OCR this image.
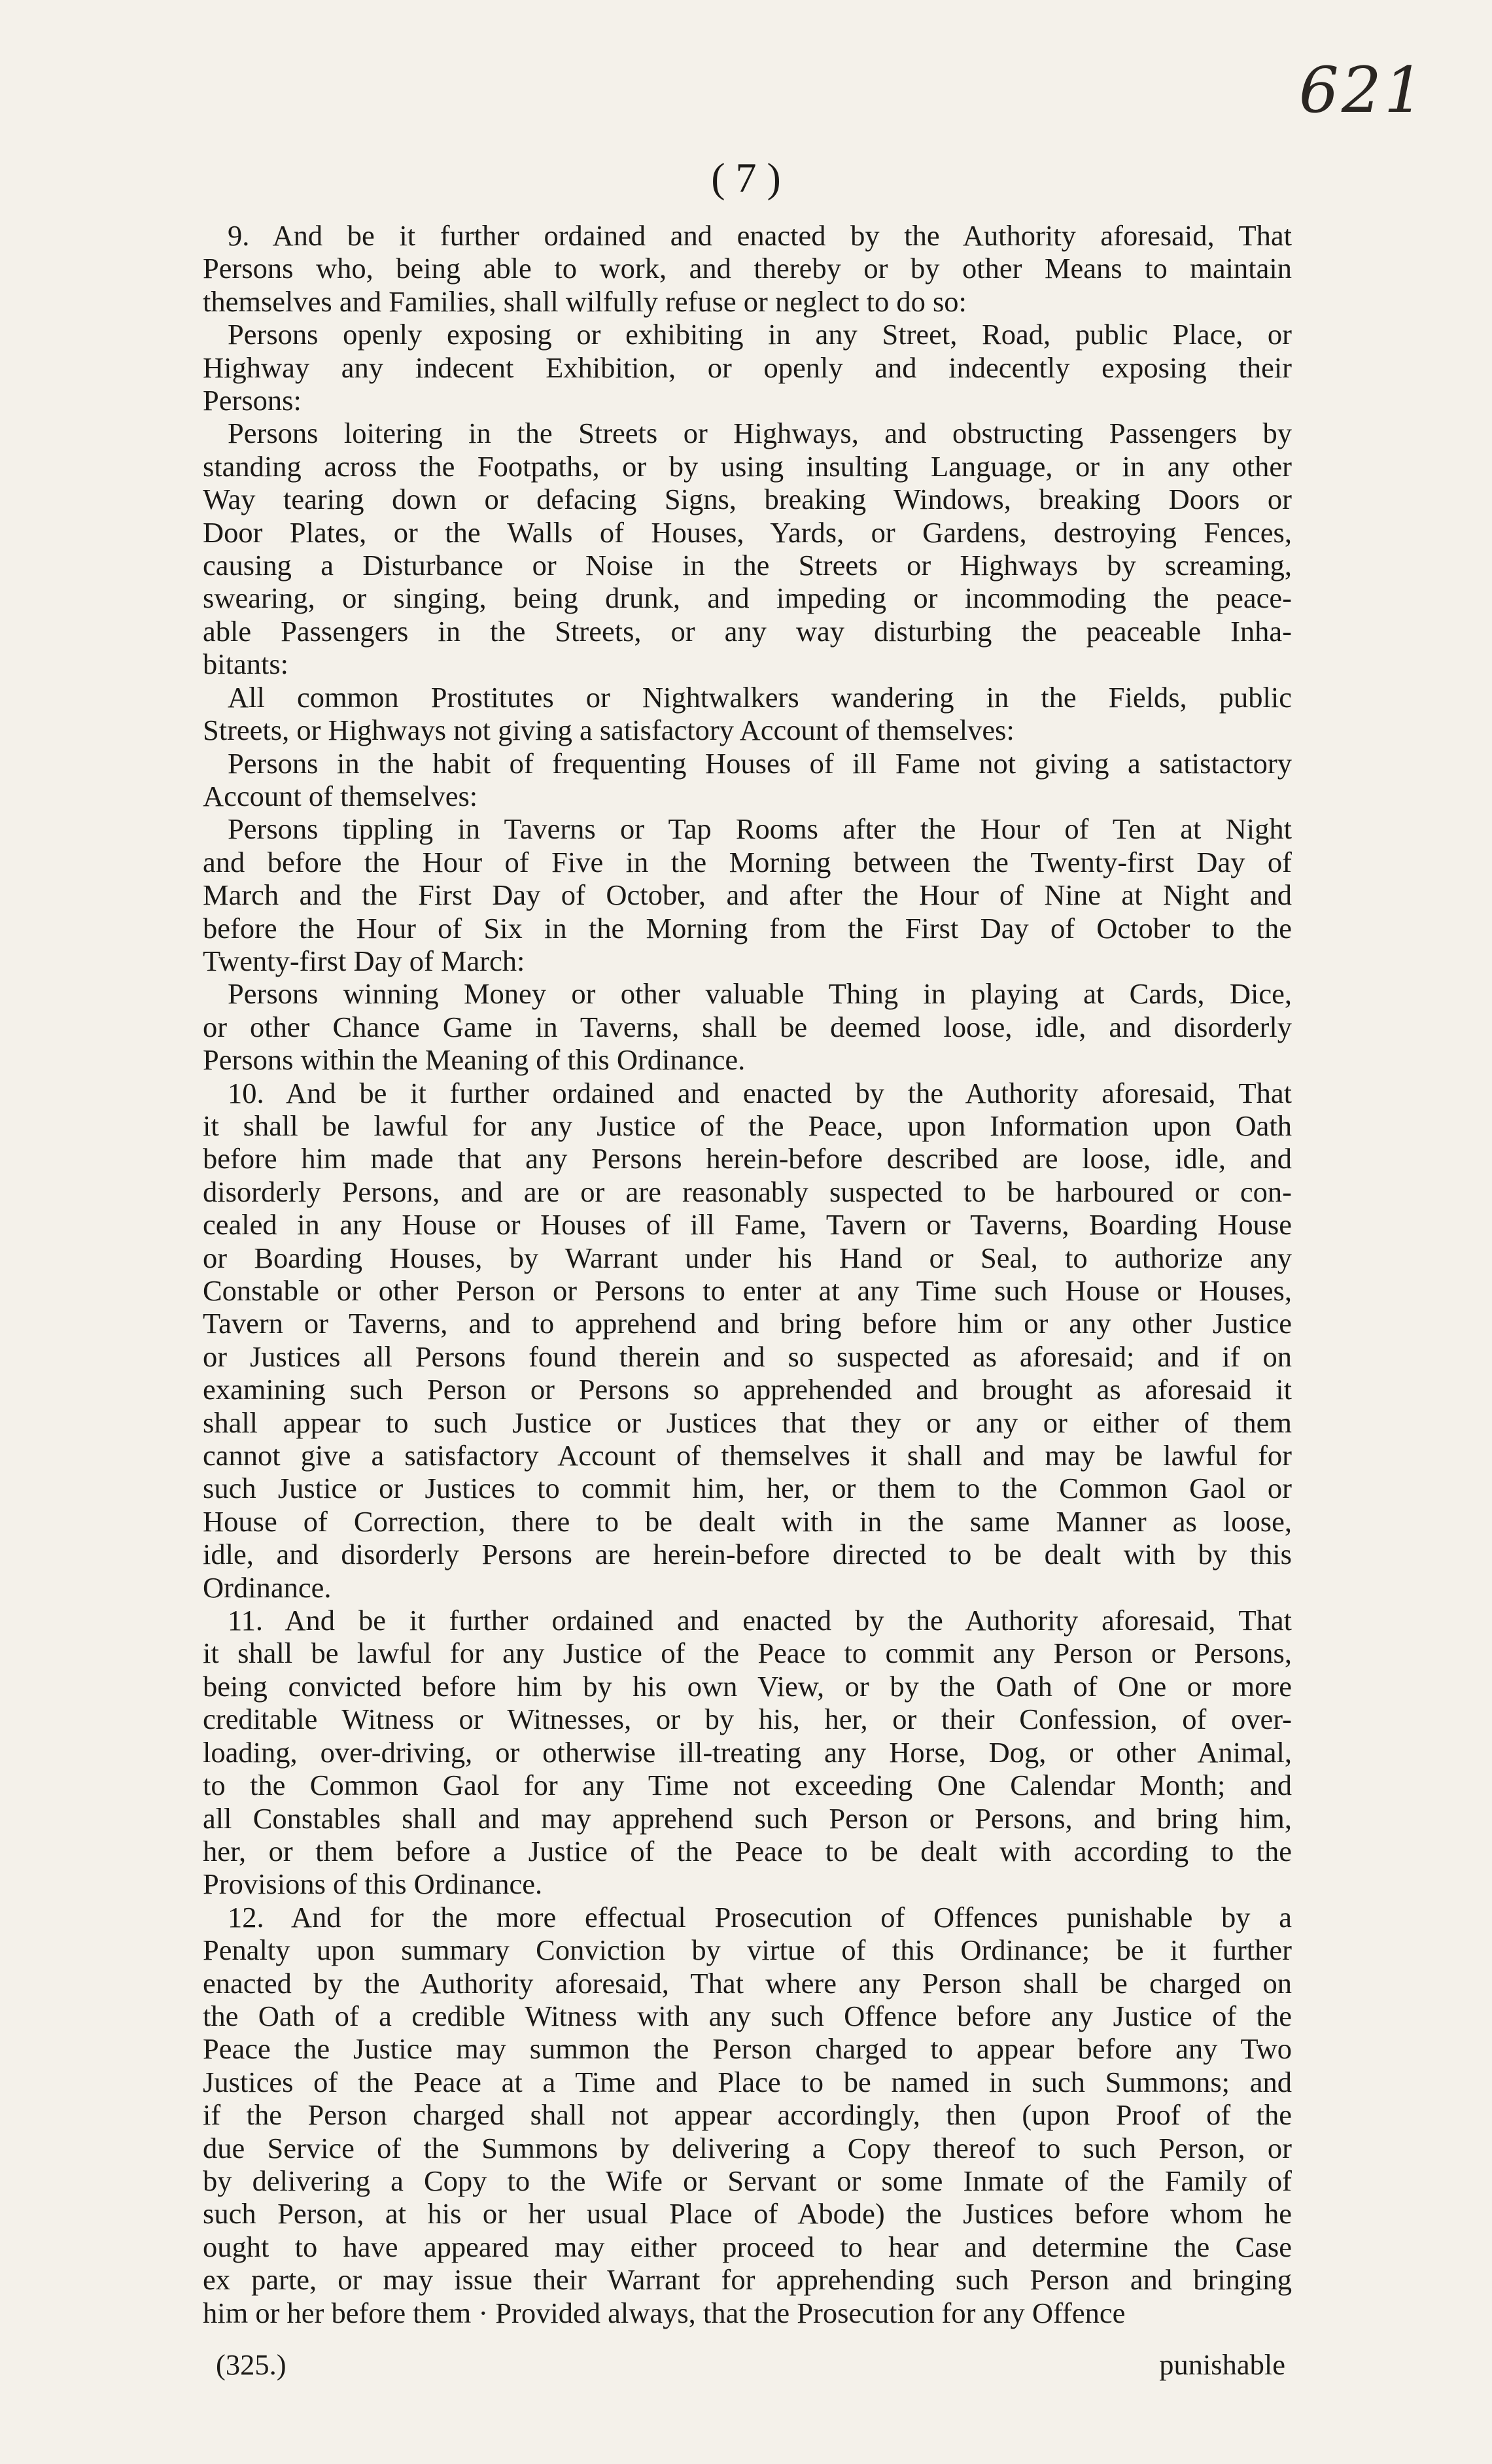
621
( 7 )
9. And be it further ordained and enacted by the Authority aforesaid, That
Persons who, being able to work, and thereby or by other Means to maintain
themselves and Families, shall wilfully refuse or neglect to do so:
Persons openly exposing or exhibiting in any Street, Road, public Place, or
Highway any indecent Exhibition, or openly and indecently exposing their
Persons:
Persons loitering in the Streets or Highways, and obstructing Passengers by
standing across the Footpaths, or by using insulting Language, or in any other
Way tearing down or defacing Signs, breaking Windows, breaking Doors or
Door Plates, or the Walls of Houses, Yards, or Gardens, destroying Fences,
causing a Disturbance or Noise in the Streets or Highways by screaming,
swearing, or singing, being drunk, and impeding or incommoding the peace-
able Passengers in the Streets, or any way disturbing the peaceable Inha-
bitants:
All common Prostitutes or Nightwalkers wandering in the Fields, public
Streets, or Highways not giving a satisfactory Account of themselves:
Persons in the habit of frequenting Houses of ill Fame not giving a satistactory
Account of themselves:
Persons tippling in Taverns or Tap Rooms after the Hour of Ten at Night
and before the Hour of Five in the Morning between the Twenty-first Day of
March and the First Day of October, and after the Hour of Nine at Night and
before the Hour of Six in the Morning from the First Day of October to the
Twenty-first Day of March:
Persons winning Money or other valuable Thing in playing at Cards, Dice,
or other Chance Game in Taverns, shall be deemed loose, idle, and disorderly
Persons within the Meaning of this Ordinance.
10. And be it further ordained and enacted by the Authority aforesaid, That
it shall be lawful for any Justice of the Peace, upon Information upon Oath
before him made that any Persons herein-before described are loose, idle, and
disorderly Persons, and are or are reasonably suspected to be harboured or con-
cealed in any House or Houses of ill Fame, Tavern or Taverns, Boarding House
or Boarding Houses, by Warrant under his Hand or Seal, to authorize any
Constable or other Person or Persons to enter at any Time such House or Houses,
Tavern or Taverns, and to apprehend and bring before him or any other Justice
or Justices all Persons found therein and so suspected as aforesaid; and if on
examining such Person or Persons so apprehended and brought as aforesaid it
shall appear to such Justice or Justices that they or any or either of them
cannot give a satisfactory Account of themselves it shall and may be lawful for
such Justice or Justices to commit him, her, or them to the Common Gaol or
House of Correction, there to be dealt with in the same Manner as loose,
idle, and disorderly Persons are herein-before directed to be dealt with by this
Ordinance.
11. And be it further ordained and enacted by the Authority aforesaid, That
it shall be lawful for any Justice of the Peace to commit any Person or Persons,
being convicted before him by his own View, or by the Oath of One or more
creditable Witness or Witnesses, or by his, her, or their Confession, of over-
loading, over-driving, or otherwise ill-treating any Horse, Dog, or other Animal,
to the Common Gaol for any Time not exceeding One Calendar Month; and
all Constables shall and may apprehend such Person or Persons, and bring him,
her, or them before a Justice of the Peace to be dealt with according to the
Provisions of this Ordinance.
12. And for the more effectual Prosecution of Offences punishable by a
Penalty upon summary Conviction by virtue of this Ordinance; be it further
enacted by the Authority aforesaid, That where any Person shall be charged on
the Oath of a credible Witness with any such Offence before any Justice of the
Peace the Justice may summon the Person charged to appear before any Two
Justices of the Peace at a Time and Place to be named in such Summons; and
if the Person charged shall not appear accordingly, then (upon Proof of the
due Service of the Summons by delivering a Copy thereof to such Person, or
by delivering a Copy to the Wife or Servant or some Inmate of the Family of
such Person, at his or her usual Place of Abode) the Justices before whom he
ought to have appeared may either proceed to hear and determine the Case
ex parte, or may issue their Warrant for apprehending such Person and bringing
him or her before them · Provided always, that the Prosecution for any Offence
(325.)	punishable
